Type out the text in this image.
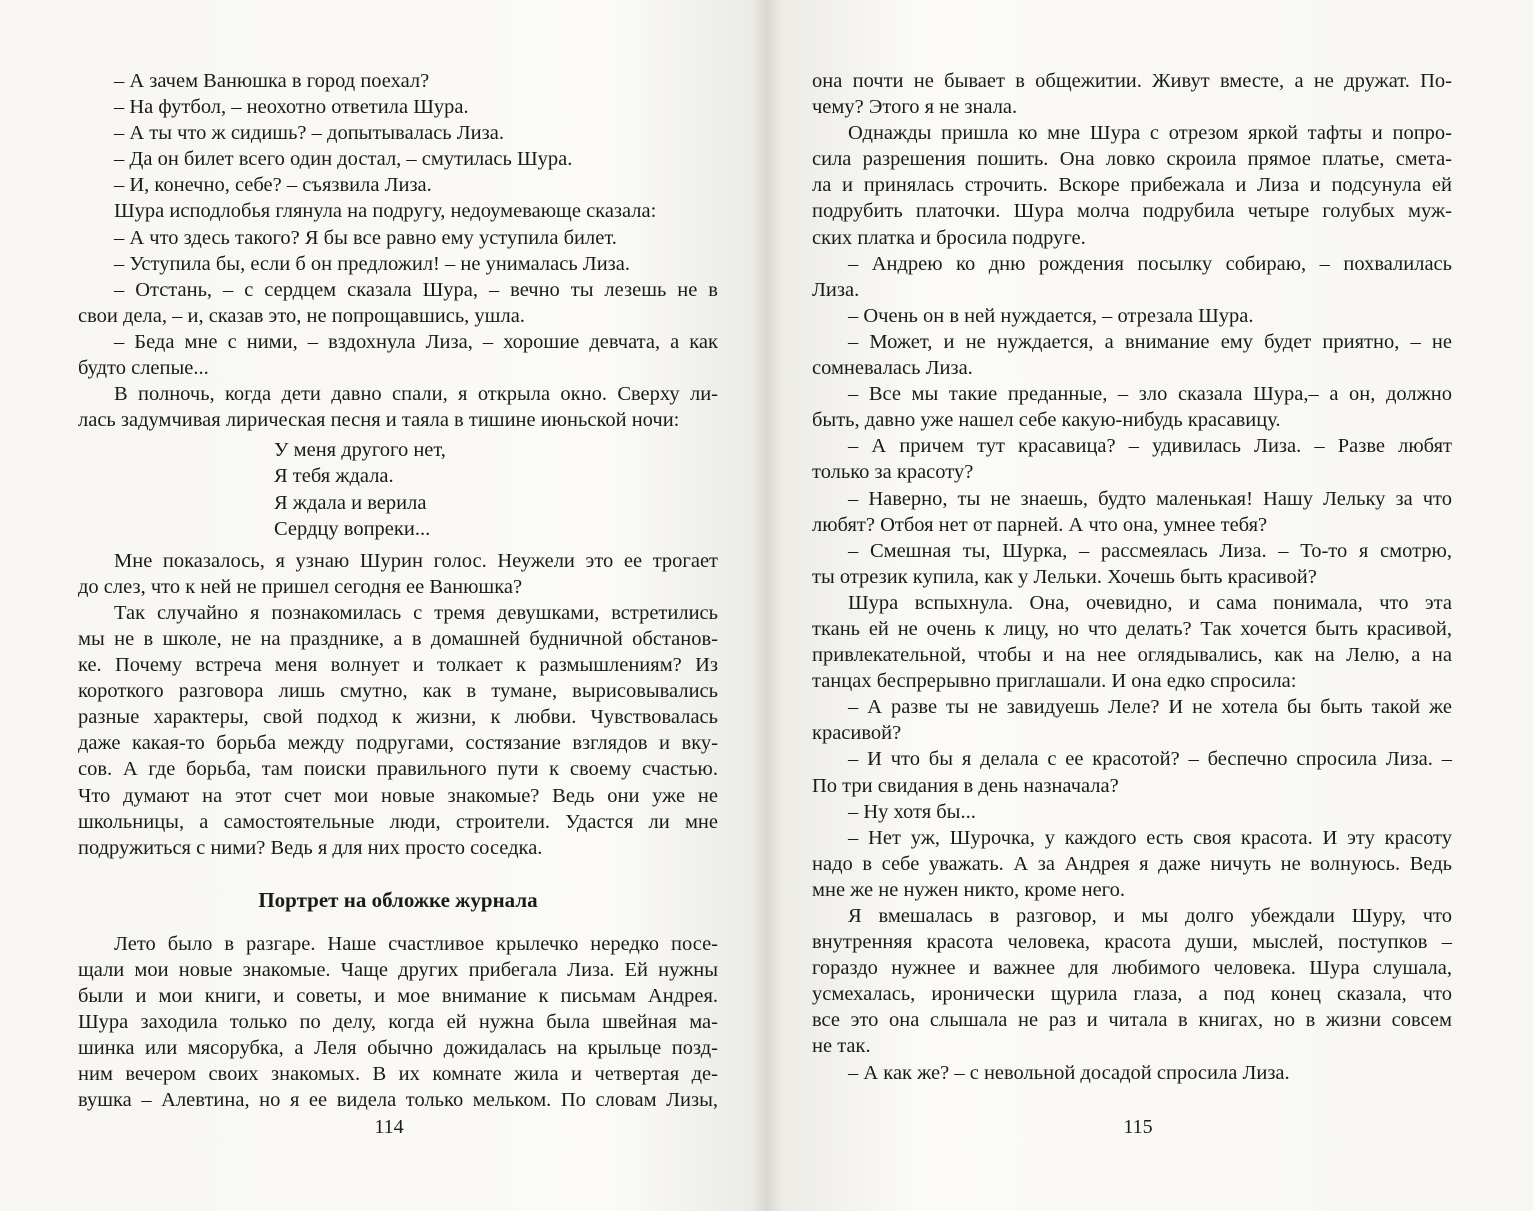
– А зачем Ванюшка в город поехал?
– На футбол, – неохотно ответила Шура.
– А ты что ж сидишь? – допытывалась Лиза.
– Да он билет всего один достал, – смутилась Шура.
– И, конечно, себе? – съязвила Лиза.
Шура исподлобья глянула на подругу, недоумевающе сказала:
– А что здесь такого? Я бы все равно ему уступила билет.
– Уступила бы, если б он предложил! – не унималась Лиза.
– Отстань, – с сердцем сказала Шура, – вечно ты лезешь не в
свои дела, – и, сказав это, не попрощавшись, ушла.
– Беда мне с ними, – вздохнула Лиза, – хорошие девчата, а как
будто слепые...
В полночь, когда дети давно спали, я открыла окно. Сверху ли-
лась задумчивая лирическая песня и таяла в тишине июньской ночи:
У меня другого нет,
Я тебя ждала.
Я ждала и верила
Сердцу вопреки...
Мне показалось, я узнаю Шурин голос. Неужели это ее трогает
до слез, что к ней не пришел сегодня ее Ванюшка?
Так случайно я познакомилась с тремя девушками, встретились
мы не в школе, не на празднике, а в домашней будничной обстанов-
ке. Почему встреча меня волнует и толкает к размышлениям? Из
короткого разговора лишь смутно, как в тумане, вырисовывались
разные характеры, свой подход к жизни, к любви. Чувствовалась
даже какая-то борьба между подругами, состязание взглядов и вку-
сов. А где борьба, там поиски правильного пути к своему счастью.
Что думают на этот счет мои новые знакомые? Ведь они уже не
школьницы, а самостоятельные люди, строители. Удастся ли мне
подружиться с ними? Ведь я для них просто соседка.
Портрет на обложке журнала
Лето было в разгаре. Наше счастливое крылечко нередко посе-
щали мои новые знакомые. Чаще других прибегала Лиза. Ей нужны
были и мои книги, и советы, и мое внимание к письмам Андрея.
Шура заходила только по делу, когда ей нужна была швейная ма-
шинка или мясорубка, а Леля обычно дожидалась на крыльце позд-
ним вечером своих знакомых. В их комнате жила и четвертая де-
вушка – Алевтина, но я ее видела только мельком. По словам Лизы,
114
она почти не бывает в общежитии. Живут вместе, а не дружат. По-
чему? Этого я не знала.
Однажды пришла ко мне Шура с отрезом яркой тафты и попро-
сила разрешения пошить. Она ловко скроила прямое платье, смета-
ла и принялась строчить. Вскоре прибежала и Лиза и подсунула ей
подрубить платочки. Шура молча подрубила четыре голубых муж-
ских платка и бросила подруге.
– Андрею ко дню рождения посылку собираю, – похвалилась
Лиза.
– Очень он в ней нуждается, – отрезала Шура.
– Может, и не нуждается, а внимание ему будет приятно, – не
сомневалась Лиза.
– Все мы такие преданные, – зло сказала Шура,– а он, должно
быть, давно уже нашел себе какую-нибудь красавицу.
– А причем тут красавица? – удивилась Лиза. – Разве любят
только за красоту?
– Наверно, ты не знаешь, будто маленькая! Нашу Лельку за что
любят? Отбоя нет от парней. А что она, умнее тебя?
– Смешная ты, Шурка, – рассмеялась Лиза. – То-то я смотрю,
ты отрезик купила, как у Лельки. Хочешь быть красивой?
Шура вспыхнула. Она, очевидно, и сама понимала, что эта
ткань ей не очень к лицу, но что делать? Так хочется быть красивой,
привлекательной, чтобы и на нее оглядывались, как на Лелю, а на
танцах беспрерывно приглашали. И она едко спросила:
– А разве ты не завидуешь Леле? И не хотела бы быть такой же
красивой?
– И что бы я делала с ее красотой? – беспечно спросила Лиза. –
По три свидания в день назначала?
– Ну хотя бы...
– Нет уж, Шурочка, у каждого есть своя красота. И эту красоту
надо в себе уважать. А за Андрея я даже ничуть не волнуюсь. Ведь
мне же не нужен никто, кроме него.
Я вмешалась в разговор, и мы долго убеждали Шуру, что
внутренняя красота человека, красота души, мыслей, поступков –
гораздо нужнее и важнее для любимого человека. Шура слушала,
усмехалась, иронически щурила глаза, а под конец сказала, что
все это она слышала не раз и читала в книгах, но в жизни совсем
не так.
– А как же? – с невольной досадой спросила Лиза.
115
